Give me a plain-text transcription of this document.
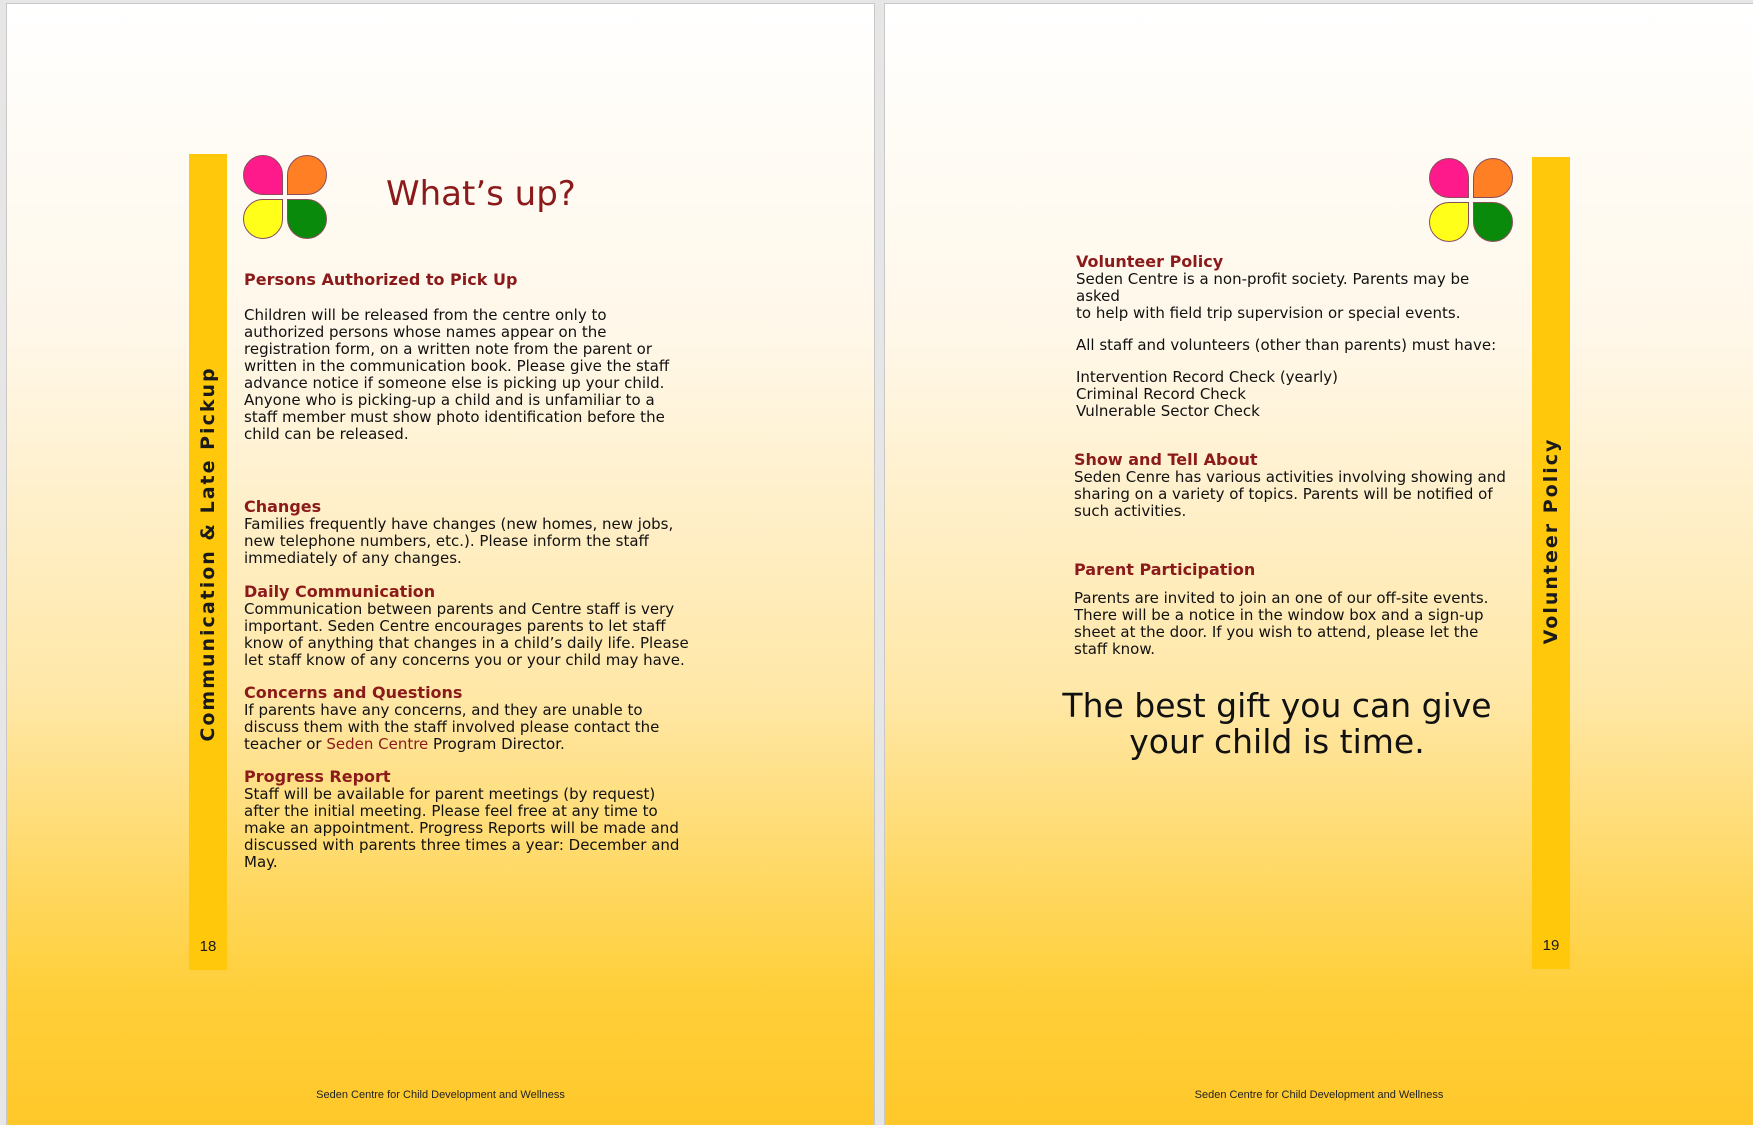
Communication & Late Pickup
18
What’s up?

Persons Authorized to Pick Up

Children will be released from the centre only to
authorized persons whose names appear on the
registration form, on a written note from the parent or
written in the communication book. Please give the staff
advance notice if someone else is picking up your child.
Anyone who is picking-up a child and is unfamiliar to a
staff member must show photo identification before the
child can be released.

Changes

Families frequently have changes (new homes, new jobs,
new telephone numbers, etc.). Please inform the staff
immediately of any changes.

Daily Communication

Communication between parents and Centre staff is very
important. Seden Centre encourages parents to let staff
know of anything that changes in a child’s daily life. Please
let staff know of any concerns you or your child may have.

Concerns and Questions

If parents have any concerns, and they are unable to
discuss them with the staff involved please contact the
teacher or Seden Centre Program Director.

Progress Report

Staff will be available for parent meetings (by request)
after the initial meeting. Please feel free at any time to
make an appointment. Progress Reports will be made and
discussed with parents three times a year: December and
May.

Seden Centre for Child Development and Wellness
Volunteer Policy
19

Volunteer Policy

Seden Centre is a non-profit society. Parents may be asked
to help with field trip supervision or special events.

All staff and volunteers (other than parents) must have:

Intervention Record Check (yearly)
Criminal Record Check
Vulnerable Sector Check

Show and Tell About

Seden Cenre has various activities involving showing and
sharing on a variety of topics. Parents will be notified of
such activities.

Parent Participation

Parents are invited to join an one of our off-site events.
There will be a notice in the window box and a sign-up
sheet at the door. If you wish to attend, please let the
staff know.

The best gift you can give
your child is time.

Seden Centre for Child Development and Wellness
